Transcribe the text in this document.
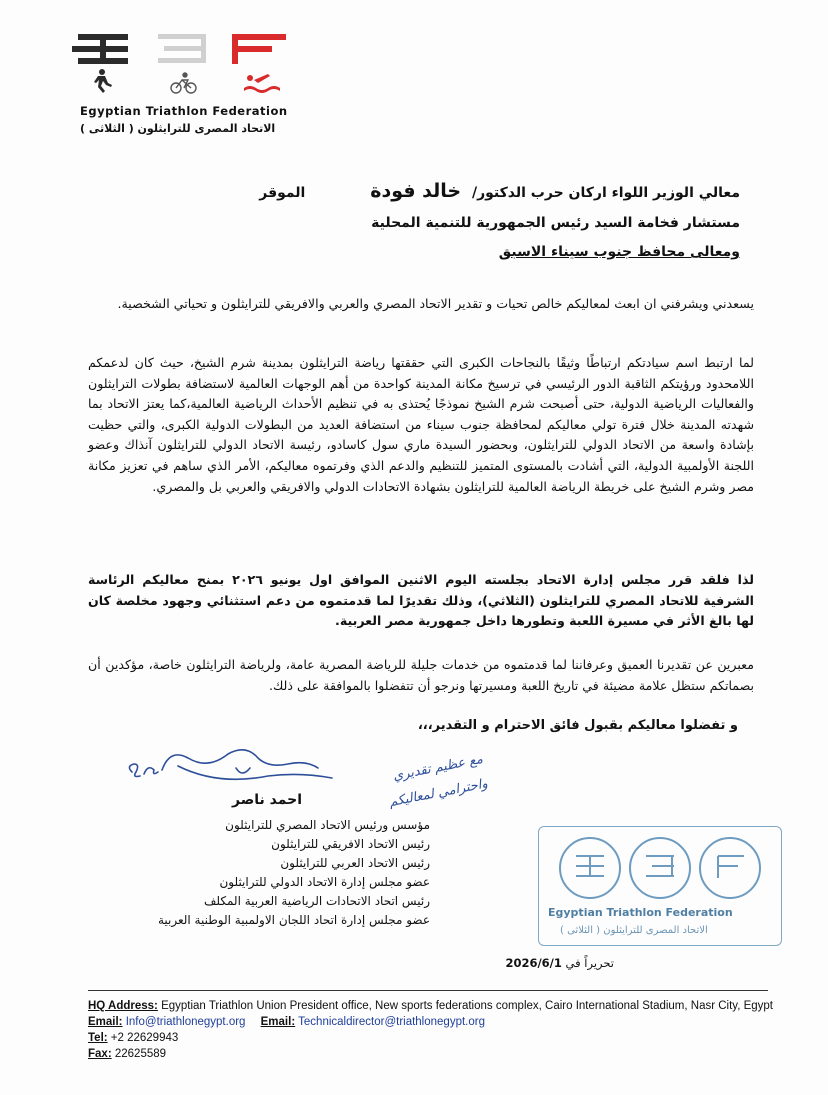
Egyptian Triathlon Federation
الاتحاد المصرى للترايثلون ( الثلاثى )
معالي الوزير اللواء اركان حرب الدكتور/ خالد فودة الموقر
مستشار فخامة السيد رئيس الجمهورية للتنمية المحلية
ومعالى محافظ جنوب سيناء الاسبق
يسعدني ويشرفني ان ابعث لمعاليكم خالص تحيات و تقدير الاتحاد المصري والعربي والافريقي للترايثلون و تحياتي الشخصية.
لما ارتبط اسم سيادتكم ارتباطًا وثيقًا بالنجاحات الكبرى التي حققتها رياضة الترايثلون بمدينة شرم الشيخ، حيث كان لدعمكم اللامحدود ورؤيتكم الثاقبة الدور الرئيسي في ترسيخ مكانة المدينة كواحدة من أهم الوجهات العالمية لاستضافة بطولات الترايثلون والفعاليات الرياضية الدولية، حتى أصبحت شرم الشيخ نموذجًا يُحتذى به في تنظيم الأحداث الرياضية العالمية،كما يعتز الاتحاد بما شهدته المدينة خلال فترة تولي معاليكم لمحافظة جنوب سيناء من استضافة العديد من البطولات الدولية الكبرى، والتي حظيت بإشادة واسعة من الاتحاد الدولي للترايثلون، وبحضور السيدة ماري سول كاسادو، رئيسة الاتحاد الدولي للترايثلون آنذاك وعضو اللجنة الأولمبية الدولية، التي أشادت بالمستوى المتميز للتنظيم والدعم الذي وفرتموه معاليكم، الأمر الذي ساهم في تعزيز مكانة مصر وشرم الشيخ على خريطة الرياضة العالمية للترايثلون بشهادة الاتحادات الدولي والافريقي والعربي بل والمصري.
لذا فلقد قرر مجلس إدارة الاتحاد بجلسته اليوم الاثنين الموافق اول يونيو ٢٠٢٦ بمنح معاليكم الرئاسة الشرفية للاتحاد المصري للترايثلون (الثلاثي)، وذلك تقديرًا لما قدمتموه من دعم استثنائي وجهود مخلصة كان لها بالغ الأثر في مسيرة اللعبة وتطورها داخل جمهورية مصر العربية.
معبرين عن تقديرنا العميق وعرفاننا لما قدمتموه من خدمات جليلة للرياضة المصرية عامة، ولرياضة الترايثلون خاصة، مؤكدين أن بصماتكم ستظل علامة مضيئة في تاريخ اللعبة ومسيرتها ونرجو أن تتفضلوا بالموافقة على ذلك.
و تفضلوا معاليكم بقبول فائق الاحترام و التقدير،،،
احمد ناصر
مع عظيم تقديري
واحترامي لمعاليكم
مؤسس ورئيس الاتحاد المصري للترايثلون
رئيس الاتحاد الافريقي للترايثلون
رئيس الاتحاد العربي للترايثلون
عضو مجلس إدارة الاتحاد الدولي للترايثلون
رئيس اتحاد الاتحادات الرياضية العربية المكلف
عضو مجلس إدارة اتحاد اللجان الاولمبية الوطنية العربية
Egyptian Triathlon Federation
الاتحاد المصرى للترايثلون ( الثلاثى )
تحريراً في 2026/6/1
HQ Address: Egyptian Triathlon Union President office, New sports federations complex, Cairo International Stadium, Nasr City, Egypt
Email: Info@triathlonegypt.org Email: Technicaldirector@triathlonegypt.org
Tel: +2 22629943
Fax: 22625589
